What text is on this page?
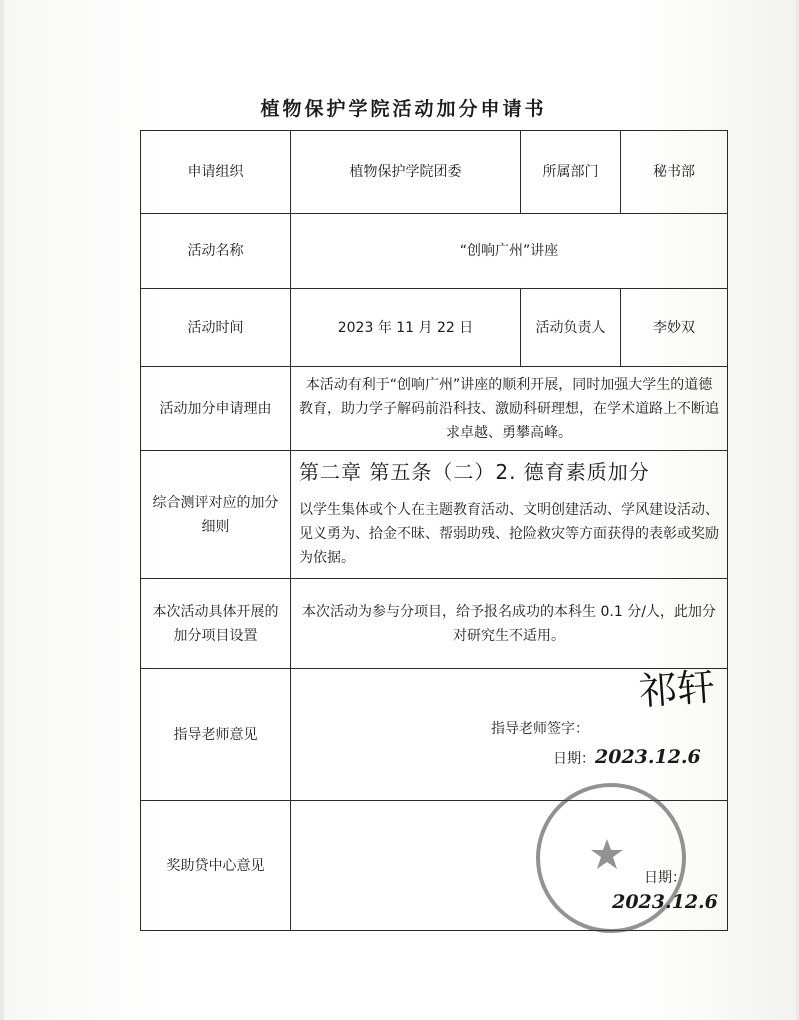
植物保护学院活动加分申请书
申请组织	植物保护学院团委	所属部门	秘书部
活动名称	“创响广州”讲座		
活动时间	2023 年 11 月 22 日	活动负责人	李妙双
活动加分申请理由	本活动有利于“创响广州”讲座的顺利开展，同时加强大学生的道德教育，助力学子解码前沿科技、激励科研理想，在学术道路上不断追求卓越、勇攀高峰。		
综合测评对应的加分细则	第二章 第五条（二）2. 德育素质加分
以学生集体或个人在主题教育活动、文明创建活动、学风建设活动、见义勇为、拾金不昧、帮弱助残、抢险救灾等方面获得的表彰或奖励为依据。		

本次活动具体开展的加分项目设置	本次活动为参与分项目，给予报名成功的本科生 0.1 分/人，此加分对研究生不适用。		
指导老师意见	祁轩
指导老师签字：
日期：2023.12.6		

奖助贷中心意见	日期：2023.12.6		
